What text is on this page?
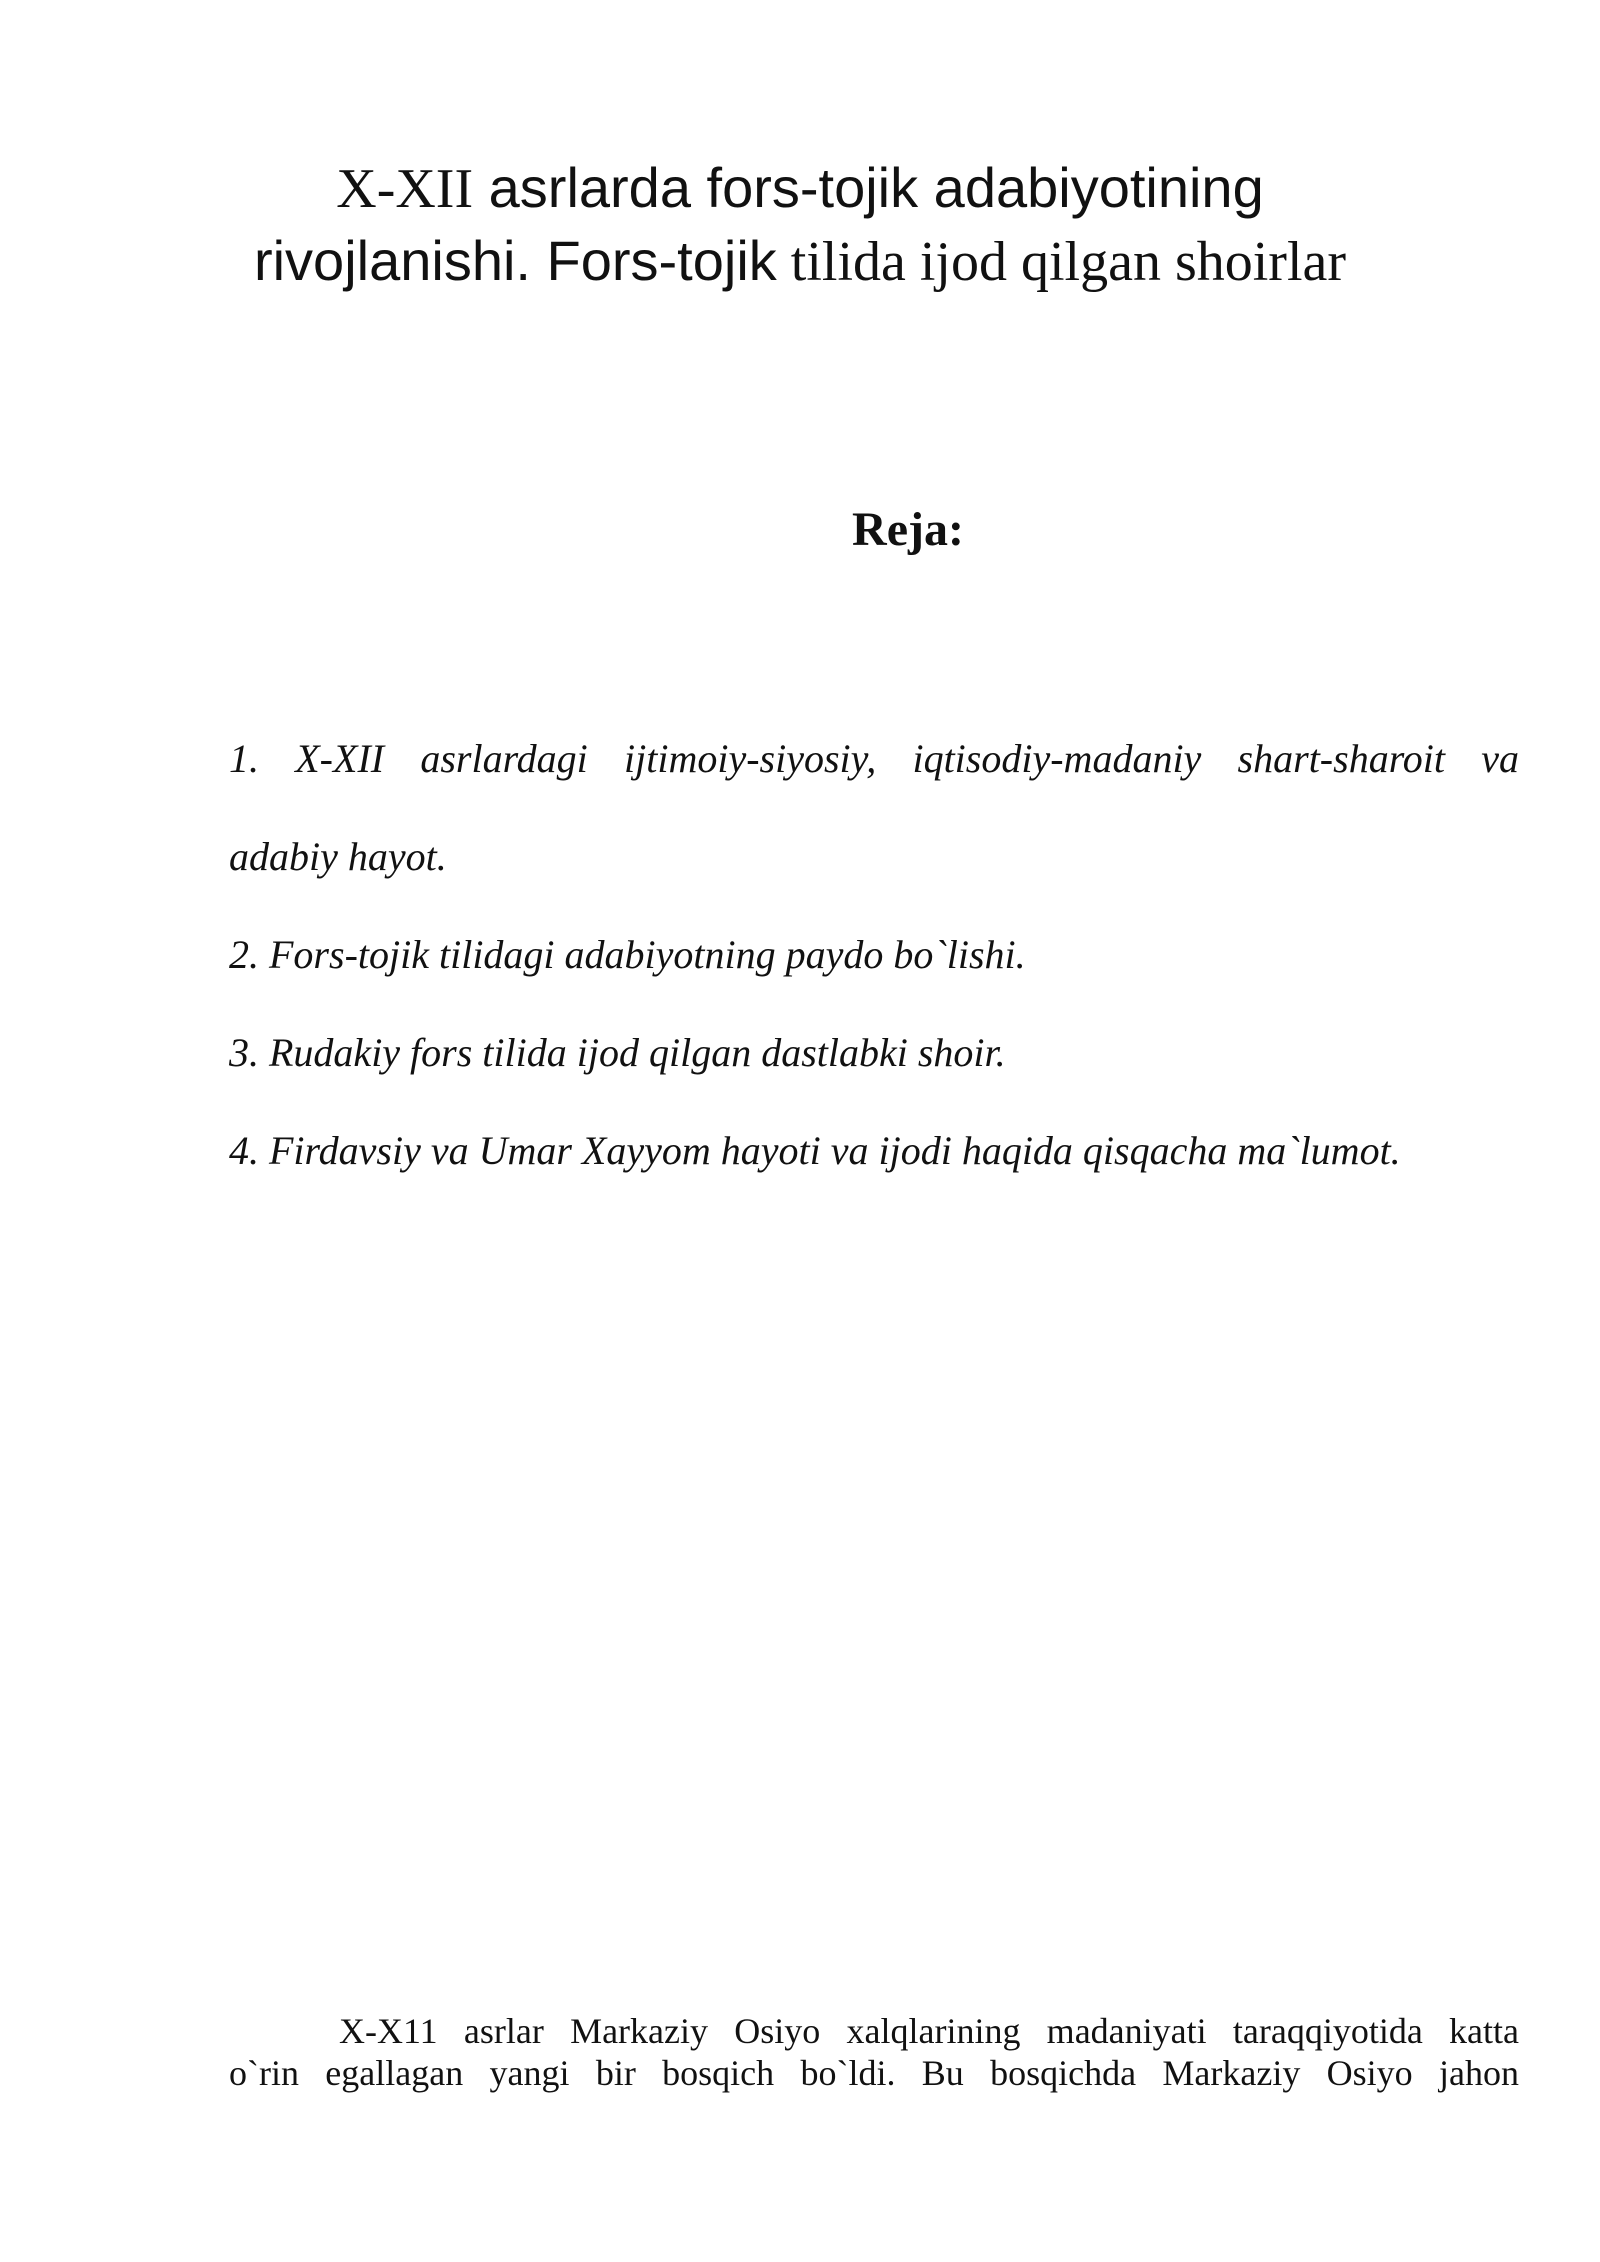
X-XII asrlarda fors-tojik adabiyotining
rivojlanishi. Fors-tojik tilida ijod qilgan shoirlar
Reja:
1. X-XII asrlardagi ijtimoiy-siyosiy, iqtisodiy-madaniy shart-sharoit va
adabiy hayot.
2. Fors-tojik tilidagi adabiyotning paydo bo`lishi.
3. Rudakiy fors tilida ijod qilgan dastlabki shoir.
4. Firdavsiy va Umar Xayyom hayoti va ijodi haqida qisqacha ma`lumot.

X-X11 asrlar Markaziy Osiyo xalqlarining madaniyati taraqqiyotida katta
o`rin egallagan yangi bir bosqich bo`ldi. Bu bosqichda Markaziy Osiyo jahon
